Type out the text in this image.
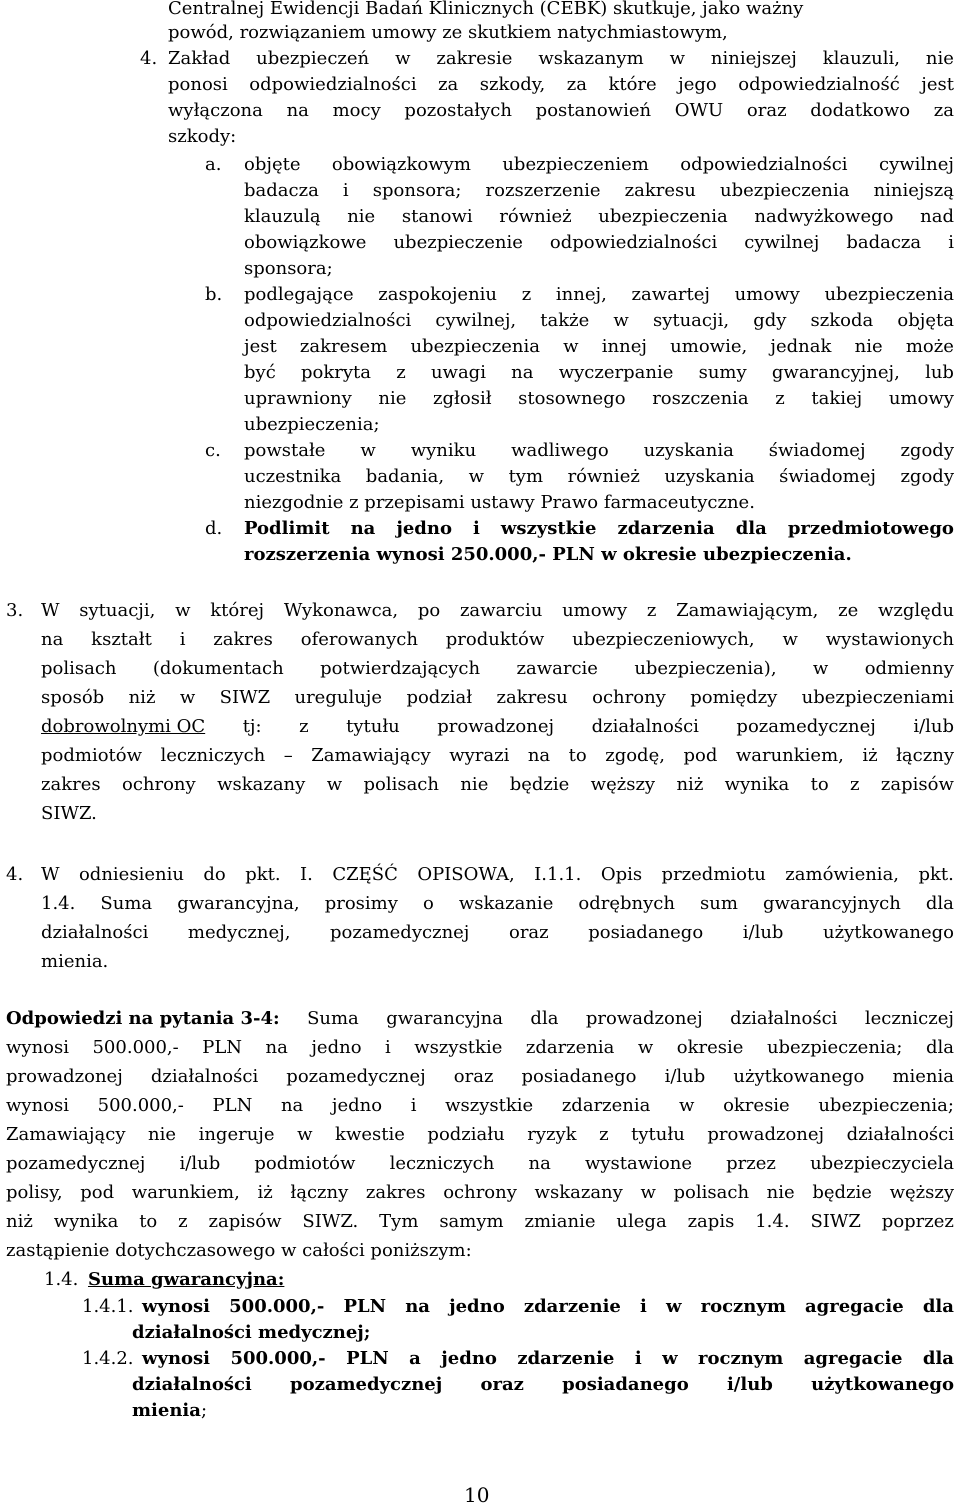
Centralnej Ewidencji Badań Klinicznych (CEBK) skutkuje, jako ważny
powód, rozwiązaniem umowy ze skutkiem natychmiastowym,
4. Zakład ubezpieczeń w zakresie wskazanym w niniejszej klauzuli, nie
ponosi odpowiedzialności za szkody, za które jego odpowiedzialność jest
wyłączona na mocy pozostałych postanowień OWU oraz dodatkowo za
szkody:
a. objęte obowiązkowym ubezpieczeniem odpowiedzialności cywilnej
badacza i sponsora; rozszerzenie zakresu ubezpieczenia niniejszą
klauzulą nie stanowi również ubezpieczenia nadwyżkowego nad
obowiązkowe ubezpieczenie odpowiedzialności cywilnej badacza i
sponsora;
b. podlegające zaspokojeniu z innej, zawartej umowy ubezpieczenia
odpowiedzialności cywilnej, także w sytuacji, gdy szkoda objęta
jest zakresem ubezpieczenia w innej umowie, jednak nie może
być pokryta z uwagi na wyczerpanie sumy gwarancyjnej, lub
uprawniony nie zgłosił stosownego roszczenia z takiej umowy
ubezpieczenia;
c. powstałe w wyniku wadliwego uzyskania świadomej zgody
uczestnika badania, w tym również uzyskania świadomej zgody
niezgodnie z przepisami ustawy Prawo farmaceutyczne.
d. Podlimit na jedno i wszystkie zdarzenia dla przedmiotowego
rozszerzenia wynosi 250.000,- PLN w okresie ubezpieczenia.
3. W sytuacji, w której Wykonawca, po zawarciu umowy z Zamawiającym, ze względu
na kształt i zakres oferowanych produktów ubezpieczeniowych, w wystawionych
polisach (dokumentach potwierdzających zawarcie ubezpieczenia), w odmienny
sposób niż w SIWZ ureguluje podział zakresu ochrony pomiędzy ubezpieczeniami
dobrowolnymi OC tj: z tytułu prowadzonej działalności pozamedycznej i/lub
podmiotów leczniczych – Zamawiający wyrazi na to zgodę, pod warunkiem, iż łączny
zakres ochrony wskazany w polisach nie będzie węższy niż wynika to z zapisów
SIWZ.
4. W odniesieniu do pkt. I. CZĘŚĆ OPISOWA, I.1.1. Opis przedmiotu zamówienia, pkt.
1.4. Suma gwarancyjna, prosimy o wskazanie odrębnych sum gwarancyjnych dla
działalności medycznej, pozamedycznej oraz posiadanego i/lub użytkowanego
mienia.
Odpowiedzi na pytania 3-4: Suma gwarancyjna dla prowadzonej działalności leczniczej
wynosi 500.000,- PLN na jedno i wszystkie zdarzenia w okresie ubezpieczenia; dla
prowadzonej działalności pozamedycznej oraz posiadanego i/lub użytkowanego mienia
wynosi 500.000,- PLN na jedno i wszystkie zdarzenia w okresie ubezpieczenia;
Zamawiający nie ingeruje w kwestie podziału ryzyk z tytułu prowadzonej działalności
pozamedycznej i/lub podmiotów leczniczych na wystawione przez ubezpieczyciela
polisy, pod warunkiem, iż łączny zakres ochrony wskazany w polisach nie będzie węższy
niż wynika to z zapisów SIWZ. Tym samym zmianie ulega zapis 1.4. SIWZ poprzez
zastąpienie dotychczasowego w całości poniższym:
1.4. Suma gwarancyjna:
1.4.1. wynosi 500.000,- PLN na jedno zdarzenie i w rocznym agregacie dla
działalności medycznej;
1.4.2. wynosi 500.000,- PLN a jedno zdarzenie i w rocznym agregacie dla
działalności pozamedycznej oraz posiadanego i/lub użytkowanego
mienia;
10
